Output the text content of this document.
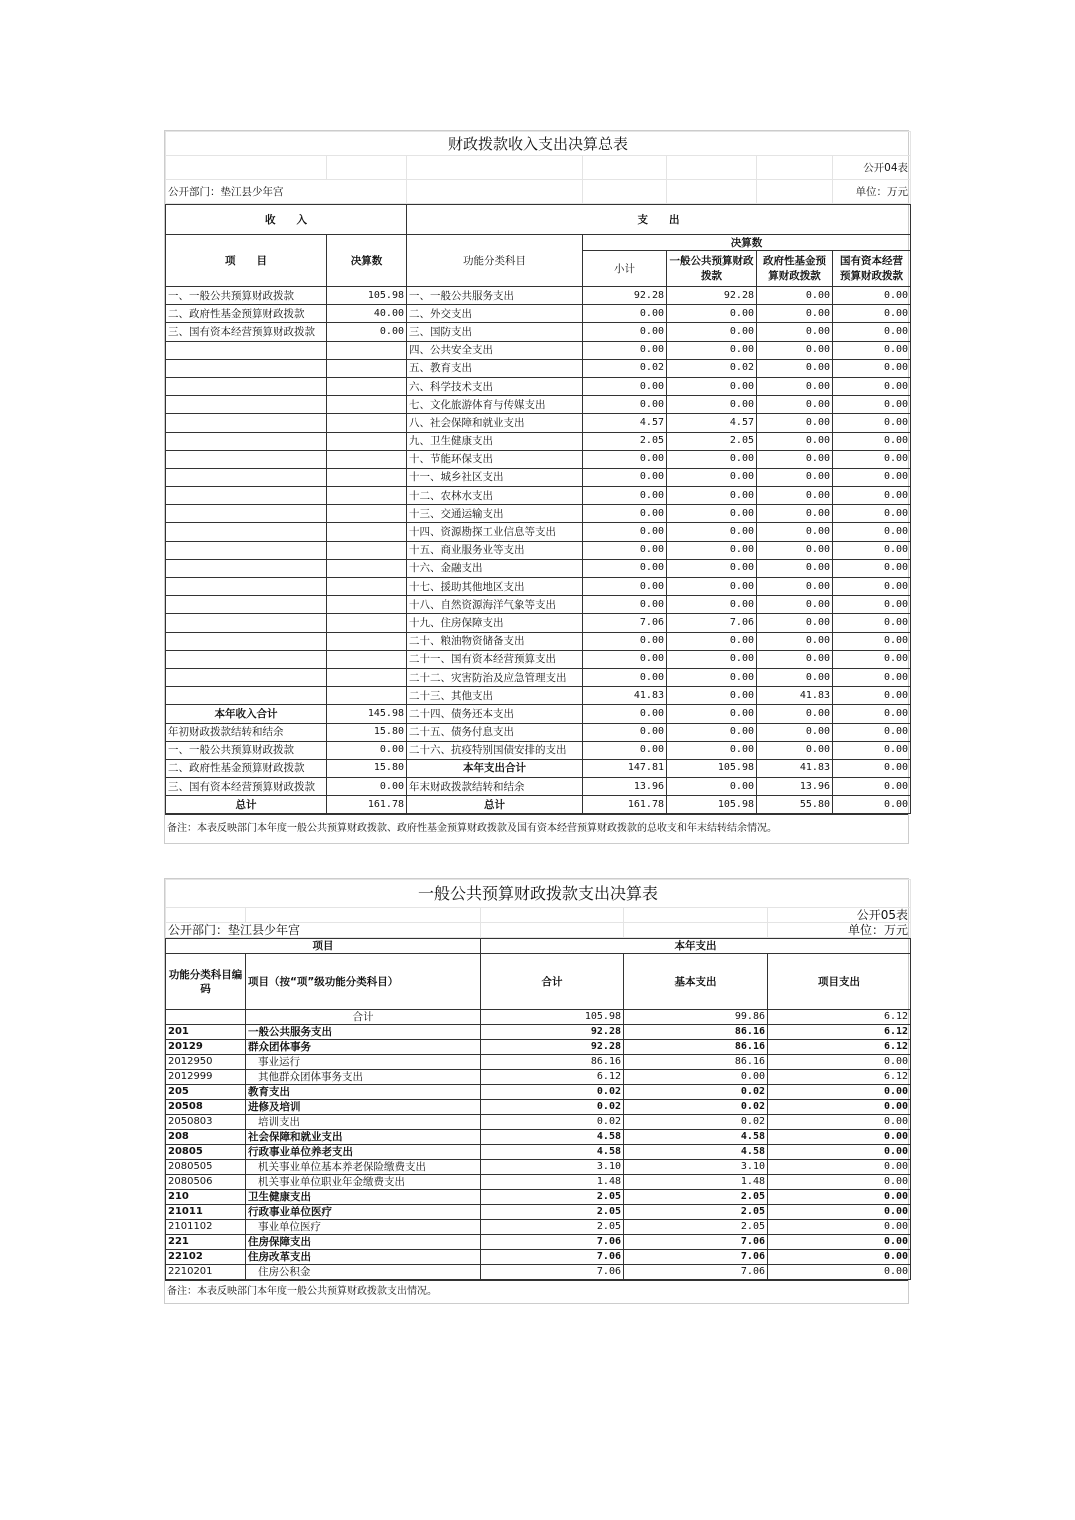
财政拨款收入支出决算总表						
						公开04表
公开部门：垫江县少年宫						单位：万元
收　　入		支　　出				
项　　目	决算数	功能分类科目	决算数			
			小计	一般公共预算财政拨款	政府性基金预算财政拨款	国有资本经营预算财政拨款
一、一般公共预算财政拨款	105.98	一、一般公共服务支出	92.28	92.28	0.00	0.00
二、政府性基金预算财政拨款	40.00	二、外交支出	0.00	0.00	0.00	0.00
三、国有资本经营预算财政拨款	0.00	三、国防支出	0.00	0.00	0.00	0.00
		四、公共安全支出	0.00	0.00	0.00	0.00
		五、教育支出	0.02	0.02	0.00	0.00
		六、科学技术支出	0.00	0.00	0.00	0.00
		七、文化旅游体育与传媒支出	0.00	0.00	0.00	0.00
		八、社会保障和就业支出	4.57	4.57	0.00	0.00
		九、卫生健康支出	2.05	2.05	0.00	0.00
		十、节能环保支出	0.00	0.00	0.00	0.00
		十一、城乡社区支出	0.00	0.00	0.00	0.00
		十二、农林水支出	0.00	0.00	0.00	0.00
		十三、交通运输支出	0.00	0.00	0.00	0.00
		十四、资源勘探工业信息等支出	0.00	0.00	0.00	0.00
		十五、商业服务业等支出	0.00	0.00	0.00	0.00
		十六、金融支出	0.00	0.00	0.00	0.00
		十七、援助其他地区支出	0.00	0.00	0.00	0.00
		十八、自然资源海洋气象等支出	0.00	0.00	0.00	0.00
		十九、住房保障支出	7.06	7.06	0.00	0.00
		二十、粮油物资储备支出	0.00	0.00	0.00	0.00
		二十一、国有资本经营预算支出	0.00	0.00	0.00	0.00
		二十二、灾害防治及应急管理支出	0.00	0.00	0.00	0.00
		二十三、其他支出	41.83	0.00	41.83	0.00
本年收入合计	145.98	二十四、债务还本支出	0.00	0.00	0.00	0.00
年初财政拨款结转和结余	15.80	二十五、债务付息支出	0.00	0.00	0.00	0.00
一、一般公共预算财政拨款	0.00	二十六、抗疫特别国债安排的支出	0.00	0.00	0.00	0.00
二、政府性基金预算财政拨款	15.80	本年支出合计	147.81	105.98	41.83	0.00
三、国有资本经营预算财政拨款	0.00	年末财政拨款结转和结余	13.96	0.00	13.96	0.00
总计	161.78	总计	161.78	105.98	55.80	0.00
备注：本表反映部门本年度一般公共预算财政拨款、政府性基金预算财政拨款及国有资本经营预算财政拨款的总收支和年末结转结余情况。
一般公共预算财政拨款支出决算表				
				公开05表
公开部门：垫江县少年宫				单位：万元
项目		本年支出		
功能分类科目编码	项目（按“项”级功能分类科目）	合计	基本支出	项目支出
	合计	105.98	99.86	6.12
201	一般公共服务支出	92.28	86.16	6.12
20129	群众团体事务	92.28	86.16	6.12
2012950	事业运行	86.16	86.16	0.00
2012999	其他群众团体事务支出	6.12	0.00	6.12
205	教育支出	0.02	0.02	0.00
20508	进修及培训	0.02	0.02	0.00
2050803	培训支出	0.02	0.02	0.00
208	社会保障和就业支出	4.58	4.58	0.00
20805	行政事业单位养老支出	4.58	4.58	0.00
2080505	机关事业单位基本养老保险缴费支出	3.10	3.10	0.00
2080506	机关事业单位职业年金缴费支出	1.48	1.48	0.00
210	卫生健康支出	2.05	2.05	0.00
21011	行政事业单位医疗	2.05	2.05	0.00
2101102	事业单位医疗	2.05	2.05	0.00
221	住房保障支出	7.06	7.06	0.00
22102	住房改革支出	7.06	7.06	0.00
2210201	住房公积金	7.06	7.06	0.00
备注：本表反映部门本年度一般公共预算财政拨款支出情况。
